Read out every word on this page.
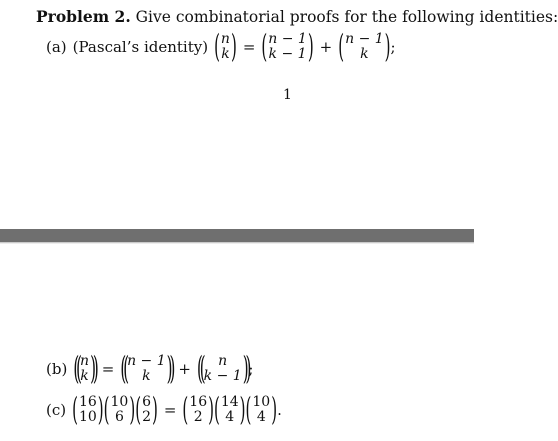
Problem 2. Give combinatorial proofs for the following identities:
(a) (Pascal’s identity) ( n
k ) = ( n − 1
k − 1 ) + ( n − 1
k ) ;
1
(b) (( n
k )) = (( n − 1
k )) + (( n
k − 1 )) ;
(c) ( 16
10 ) ( 10
6 ) ( 6
2 ) = ( 16
2 ) ( 14
4 ) ( 10
4 ) .
